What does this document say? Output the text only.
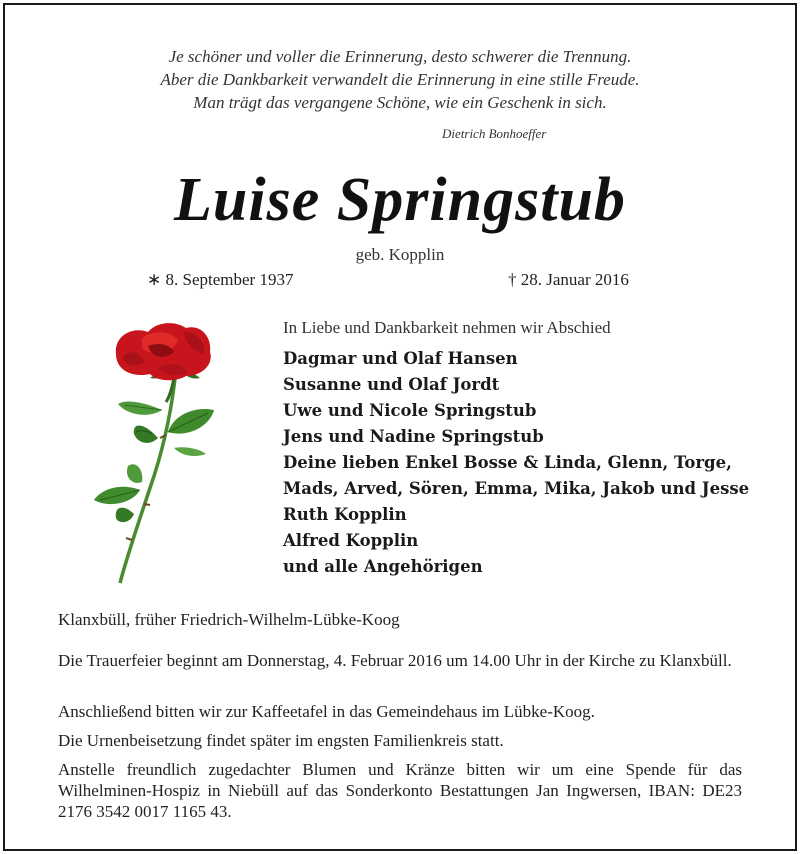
Je schöner und voller die Erinnerung, desto schwerer die Trennung.
Aber die Dankbarkeit verwandelt die Erinnerung in eine stille Freude.
Man trägt das vergangene Schöne, wie ein Geschenk in sich.
Dietrich Bonhoeffer
Luise Springstub
geb. Kopplin
∗ 8. September 1937	† 28. Januar 2016
In Liebe und Dankbarkeit nehmen wir Abschied
Dagmar und Olaf Hansen
Susanne und Olaf Jordt
Uwe und Nicole Springstub
Jens und Nadine Springstub
Deine lieben Enkel Bosse & Linda, Glenn, Torge,
Mads, Arved, Sören, Emma, Mika, Jakob und Jesse
Ruth Kopplin
Alfred Kopplin
und alle Angehörigen
Klanxbüll, früher Friedrich-Wilhelm-Lübke-Koog
Die Trauerfeier beginnt am Donnerstag, 4. Februar 2016 um 14.00 Uhr in der Kirche zu Klanxbüll.
Anschließend bitten wir zur Kaffeetafel in das Gemeindehaus im Lübke-Koog.
Die Urnenbeisetzung findet später im engsten Familienkreis statt.
Anstelle freundlich zugedachter Blumen und Kränze bitten wir um eine Spende für das Wilhelminen-Hospiz in Niebüll auf das Sonderkonto Bestattungen Jan Ingwersen, IBAN: DE23 2176 3542 0017 1165 43.
